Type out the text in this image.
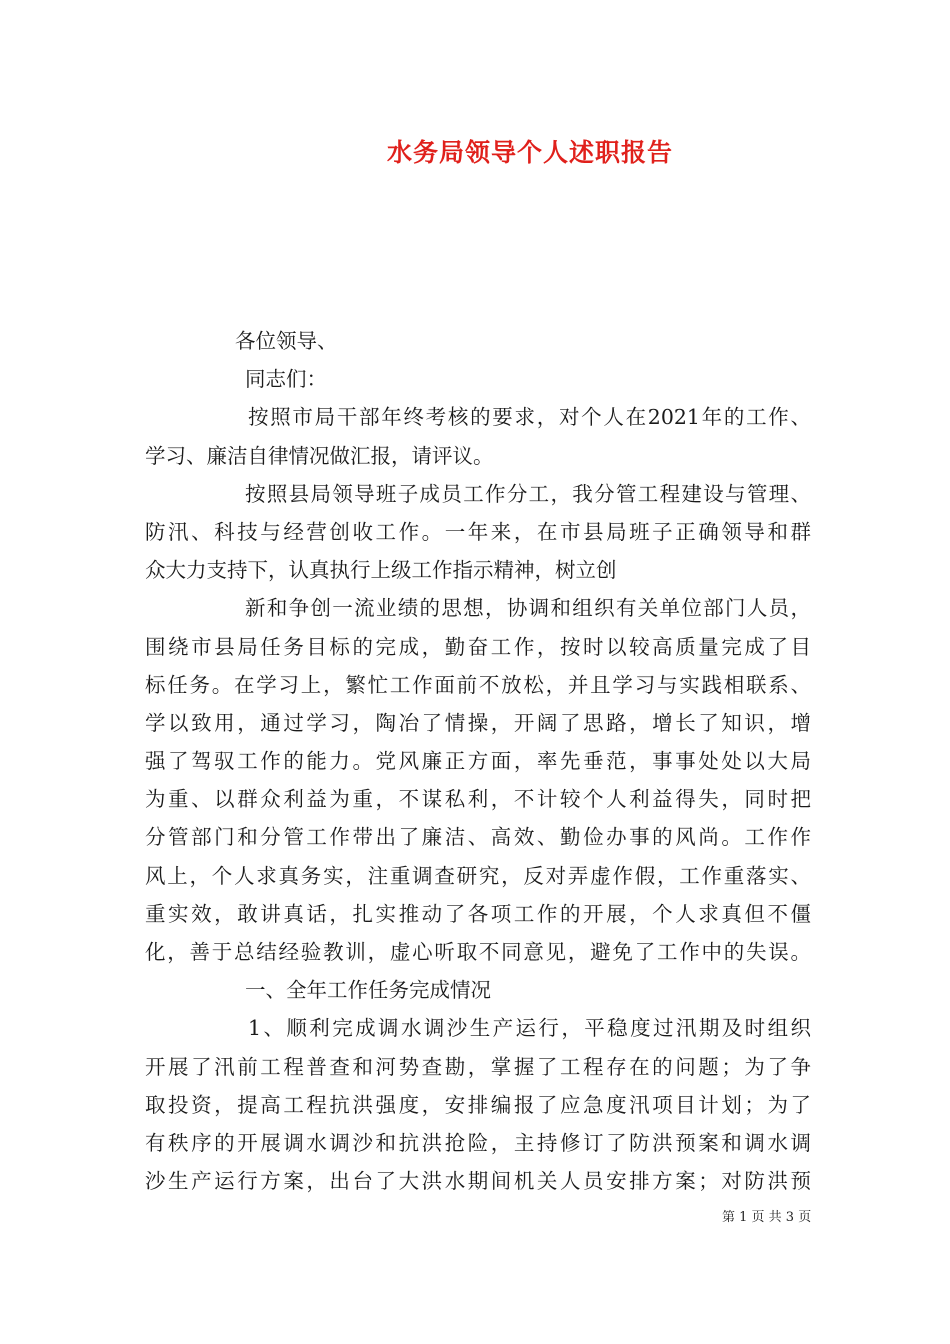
水务局领导个人述职报告
各位领导、
同志们：
按照市局干部年终考核的要求，对个人在2021年的工作、
学习、廉洁自律情况做汇报，请评议。
按照县局领导班子成员工作分工，我分管工程建设与管理、
防汛、科技与经营创收工作。一年来，在市县局班子正确领导和群
众大力支持下，认真执行上级工作指示精神，树立创
新和争创一流业绩的思想，协调和组织有关单位部门人员，
围绕市县局任务目标的完成，勤奋工作，按时以较高质量完成了目
标任务。在学习上，繁忙工作面前不放松，并且学习与实践相联系、
学以致用，通过学习，陶冶了情操，开阔了思路，增长了知识，增
强了驾驭工作的能力。党风廉正方面，率先垂范，事事处处以大局
为重、以群众利益为重，不谋私利，不计较个人利益得失，同时把
分管部门和分管工作带出了廉洁、高效、勤俭办事的风尚。工作作
风上，个人求真务实，注重调查研究，反对弄虚作假，工作重落实、
重实效，敢讲真话，扎实推动了各项工作的开展，个人求真但不僵
化，善于总结经验教训，虚心听取不同意见，避免了工作中的失误。
一、全年工作任务完成情况
1、顺利完成调水调沙生产运行，平稳度过汛期及时组织
开展了汛前工程普查和河势查勘，掌握了工程存在的问题；为了争
取投资，提高工程抗洪强度，安排编报了应急度汛项目计划；为了
有秩序的开展调水调沙和抗洪抢险，主持修订了防洪预案和调水调
沙生产运行方案，出台了大洪水期间机关人员安排方案；对防洪预
第 1 页 共 3 页
